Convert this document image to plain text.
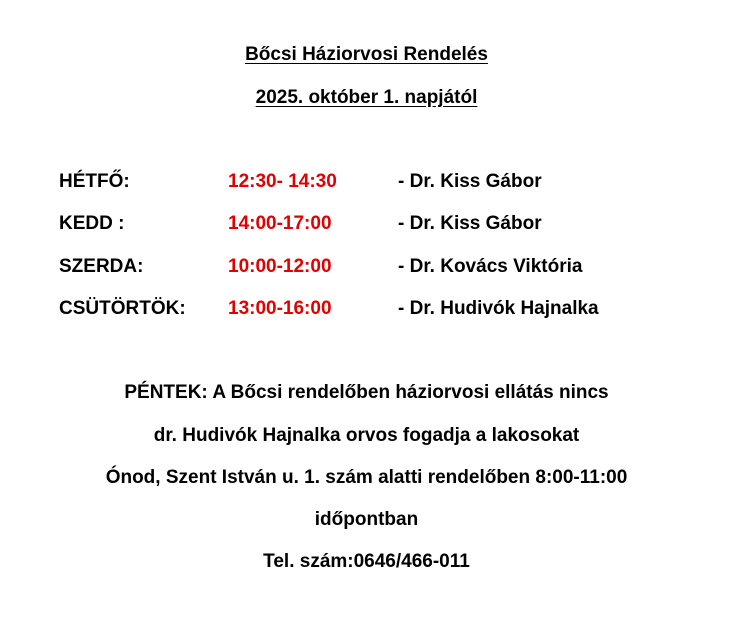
Bőcsi Háziorvosi Rendelés
2025. október 1. napjától
HÉTFŐ:	12:30- 14:30	- Dr. Kiss Gábor
KEDD :	14:00-17:00	- Dr. Kiss Gábor
SZERDA:	10:00-12:00	- Dr. Kovács Viktória
CSÜTÖRTÖK: 13:00-16:00	- Dr. Hudivók Hajnalka
PÉNTEK: A Bőcsi rendelőben háziorvosi ellátás nincs
dr. Hudivók Hajnalka orvos fogadja a lakosokat
Ónod, Szent István u. 1. szám alatti rendelőben 8:00-11:00
időpontban
Tel. szám:0646/466-011
